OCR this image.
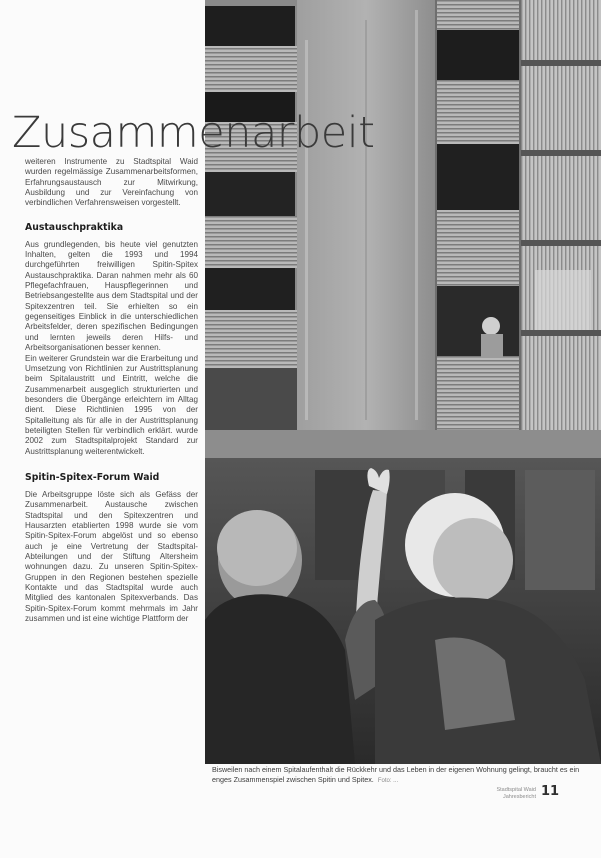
Zusammenarbeit

weiteren Instrumente zu Stadtspital Waid wurden regelmässige Zusammenarbeitsformen, Erfahrungsaustausch zur Mitwirkung, Ausbildung und zur Vereinfachung von verbindlichen Verfahrensweisen vorgestellt.

Austauschpraktika

Aus grundlegenden, bis heute viel genutzten Inhalten, gelten die 1993 und 1994 durchgeführten freiwilligen Spitin-Spitex Austauschpraktika. Daran nahmen mehr als 60 Pflegefachfrauen, Hauspflegerinnen und Betriebsangestellte aus dem Stadtspital und der Spitexzentren teil. Sie erhielten so ein gegenseitiges Einblick in die unterschiedlichen Arbeitsfelder, deren spezifischen Bedingungen und lernten jeweils deren Hilfs- und Arbeitsorganisationen besser kennen.

Ein weiterer Grundstein war die Erarbeitung und Umsetzung von Richtlinien zur Austrittsplanung beim Spitalaustritt und Eintritt, welche die Zusammenarbeit ausgeglich strukturierten und besonders die Übergänge erleichtern im Alltag dient. Diese Richtlinien 1995 von der Spitalleitung als für alle in der Austrittsplanung beteiligten Stellen für verbindlich erklärt. wurde 2002 zum Stadtspitalprojekt Standard zur Austrittsplanung weiterentwickelt.

Spitin-Spitex-Forum Waid

Die Arbeitsgruppe löste sich als Gefäss der Zusammenarbeit. Austausche zwischen Stadtspital und den Spitexzentren und Hausarzten etablierten 1998 wurde sie vom Spitin-Spitex-Forum abgelöst und so ebenso auch je eine Vertretung der Stadtspital-Abteilungen und der Stiftung Altersheim wohnungen dazu. Zu unseren Spitin-Spitex-Gruppen in den Regionen bestehen spezielle Kontakte und das Stadtspital wurde auch Mitglied des kantonalen Spitexverbands. Das Spitin-Spitex-Forum kommt mehrmals im Jahr zusammen und ist eine wichtige Plattform der

Bisweilen nach einem Spitalaufenthalt die Rückkehr und das Leben in der eigenen Wohnung gelingt, braucht es ein enges Zusammenspiel zwischen Spitin und Spitex. Foto: ...
Stadtspital Waid
Jahresbericht 11
